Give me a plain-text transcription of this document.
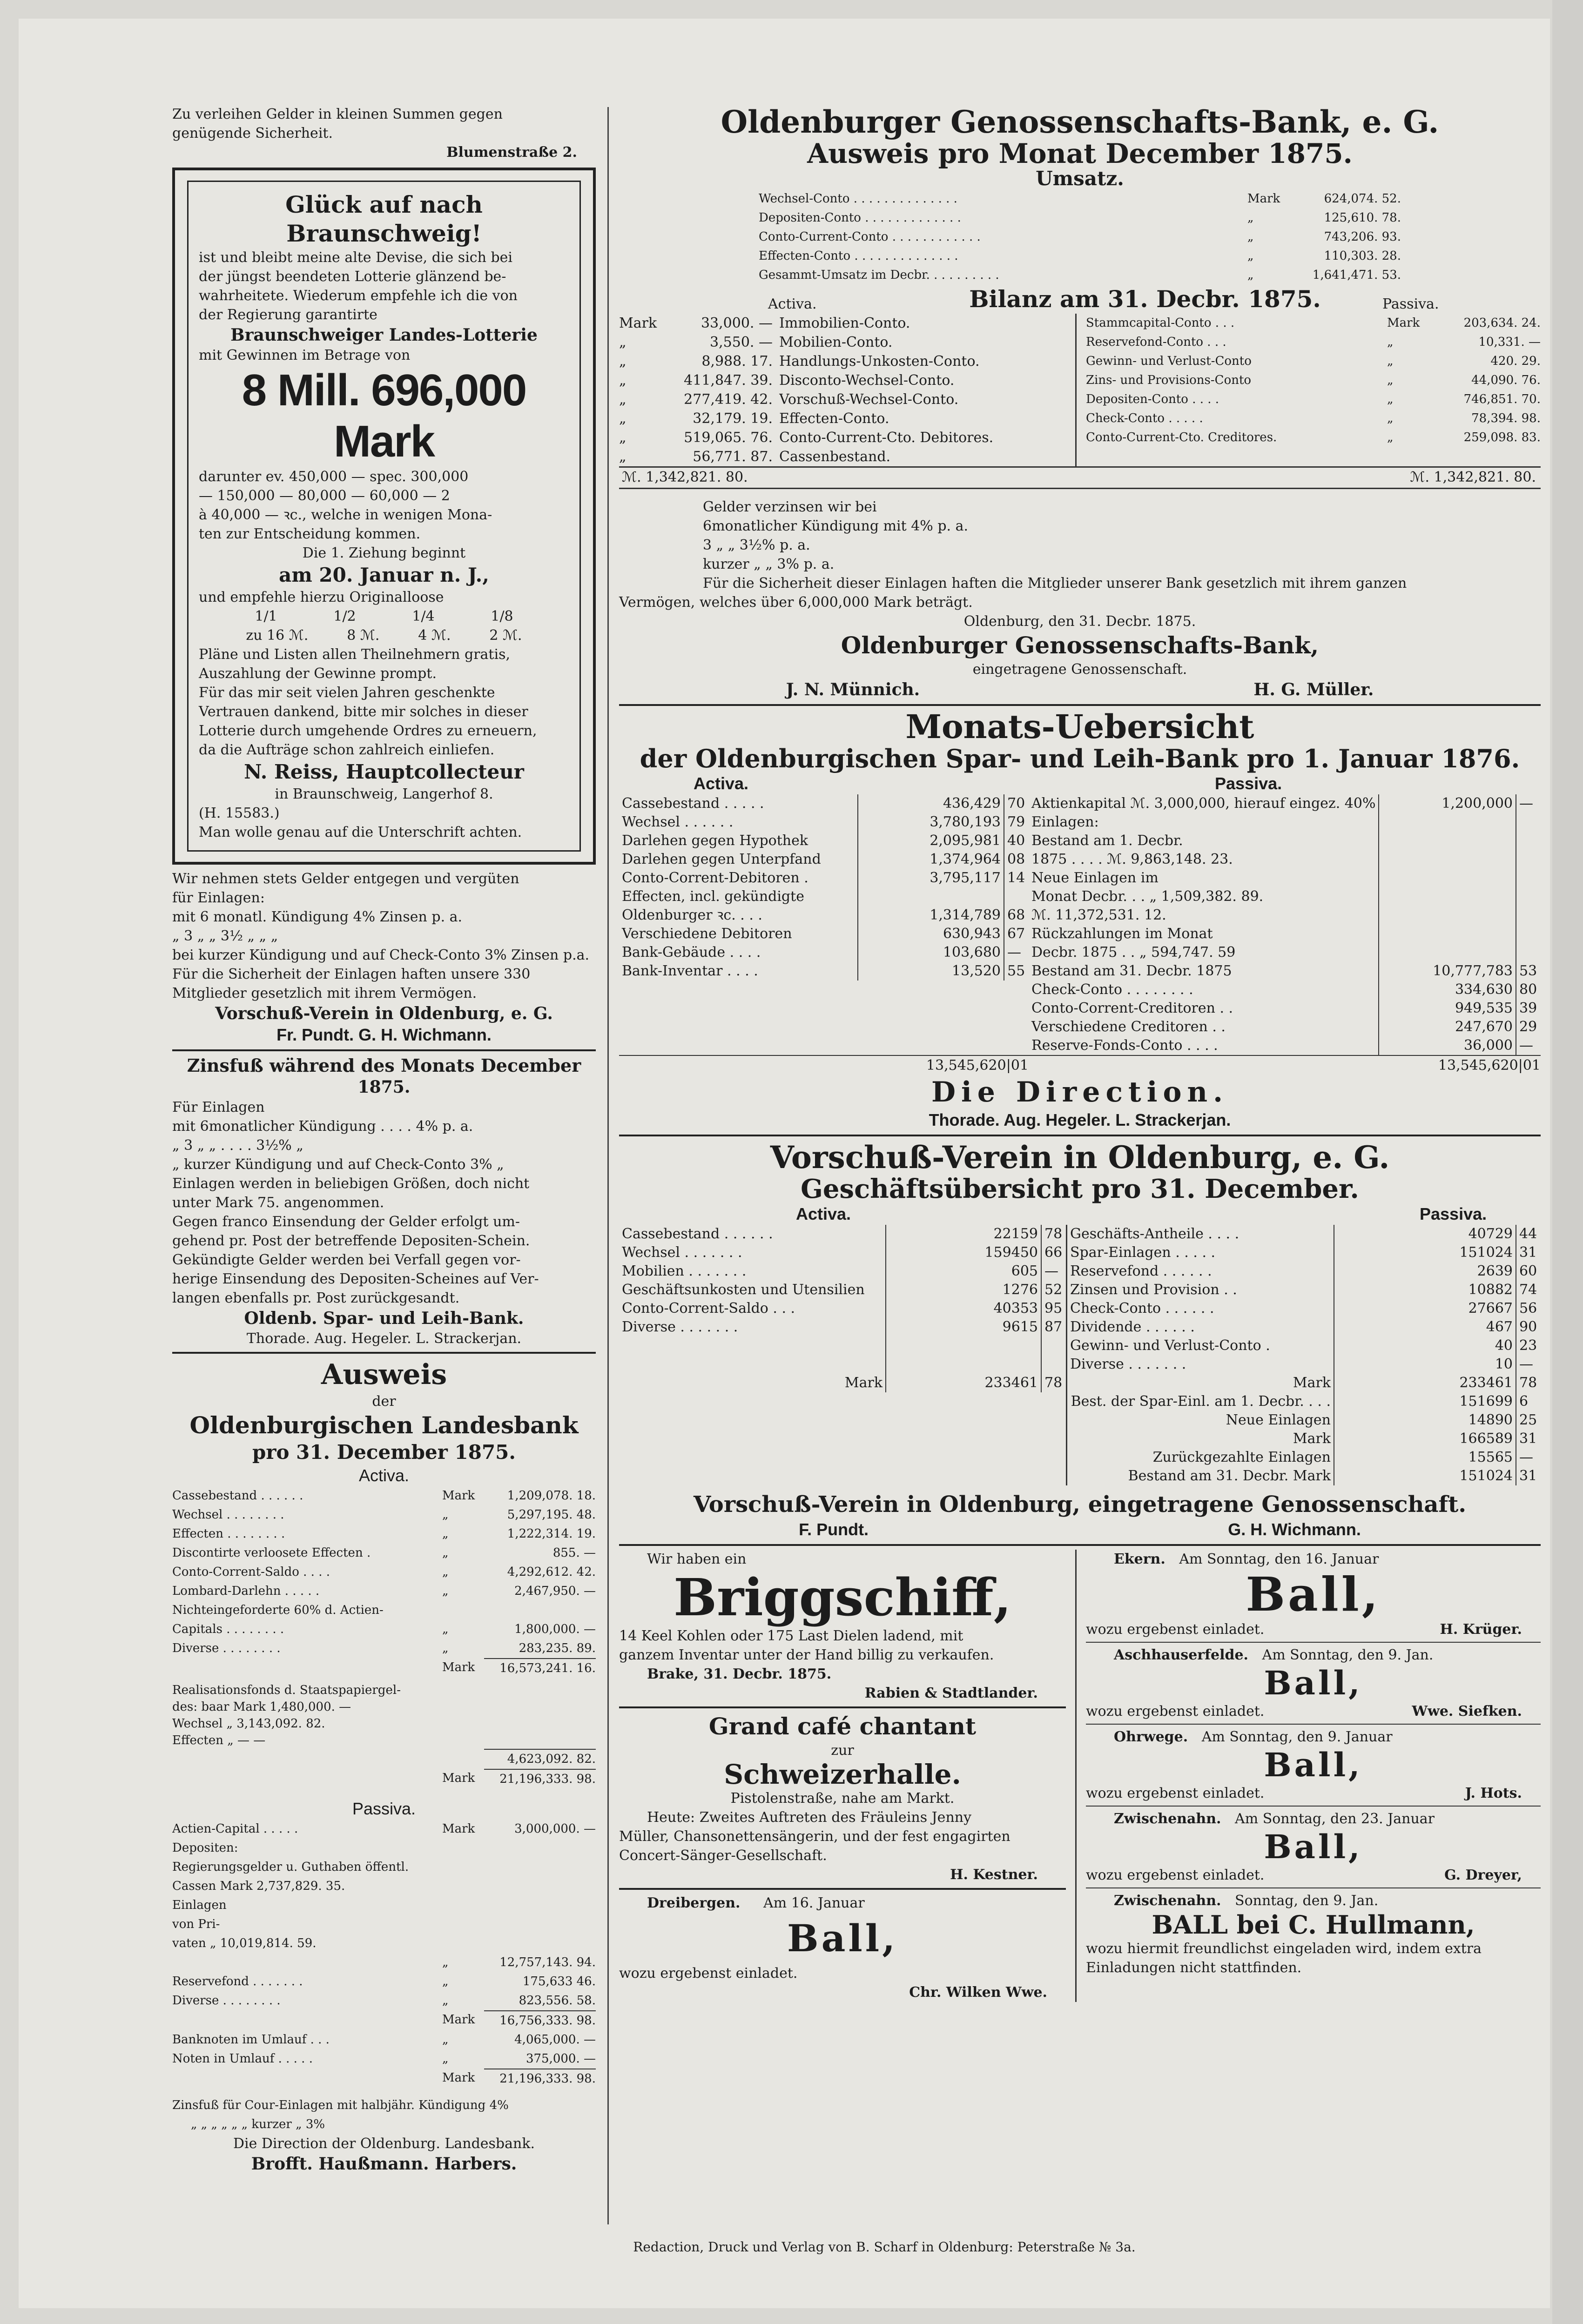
Zu verleihen Gelder in kleinen Summen gegen
genügende Sicherheit.
Blumenstraße 2.
Glück auf nach Braunschweig!
ist und bleibt meine alte Devise, die sich bei
der jüngst beendeten Lotterie glänzend be-
wahrheitete. Wiederum empfehle ich die von
der Regierung garantirte
Braunschweiger Landes-Lotterie
mit Gewinnen im Betrage von
8 Mill. 696,000 Mark
darunter ev. 450,000 — spec. 300,000
— 150,000 — 80,000 — 60,000 — 2
à 40,000 — ꝛc., welche in wenigen Mona-
ten zur Entscheidung kommen.
Die 1. Ziehung beginnt
am 20. Januar n. J.,
und empfehle hierzu Originalloose
1/1	1/2	1/4	1/8
zu 16 ℳ.	8 ℳ.	4 ℳ.	2 ℳ.
Pläne und Listen allen Theilnehmern gratis,
Auszahlung der Gewinne prompt.
Für das mir seit vielen Jahren geschenkte
Vertrauen dankend, bitte mir solches in dieser
Lotterie durch umgehende Ordres zu erneuern,
da die Aufträge schon zahlreich einliefen.
N. Reiss, Hauptcollecteur
in Braunschweig, Langerhof 8.
(H. 15583.)
Man wolle genau auf die Unterschrift achten.
Wir nehmen stets Gelder entgegen und vergüten
für Einlagen:
mit 6 monatl. Kündigung 4% Zinsen p. a.
„ 3 „ „ 3½ „ „ „
bei kurzer Kündigung und auf Check-Conto 3% Zinsen p.a.
Für die Sicherheit der Einlagen haften unsere 330
Mitglieder gesetzlich mit ihrem Vermögen.
Vorschuß-Verein in Oldenburg, e. G.
Fr. Pundt. G. H. Wichmann.
Zinsfuß während des Monats December
1875.
Für Einlagen
mit 6monatlicher Kündigung . . . . 4% p. a.
„ 3 „ „ . . . . 3½% „
„ kurzer Kündigung und auf Check-Conto 3% „
Einlagen werden in beliebigen Größen, doch nicht
unter Mark 75. angenommen.
Gegen franco Einsendung der Gelder erfolgt um-
gehend pr. Post der betreffende Depositen-Schein.
Gekündigte Gelder werden bei Verfall gegen vor-
herige Einsendung des Depositen-Scheines auf Ver-
langen ebenfalls pr. Post zurückgesandt.
Oldenb. Spar- und Leih-Bank.
Thorade. Aug. Hegeler. L. Strackerjan.
Ausweis
der
Oldenburgischen Landesbank
pro 31. December 1875.
Activa.
Cassebestand . . . . . .	Mark	1,209,078. 18.
Wechsel . . . . . . . .	„	5,297,195. 48.
Effecten . . . . . . . .	„	1,222,314. 19.
Discontirte verloosete Effecten .	„	855. —
Conto-Corrent-Saldo . . . .	„	4,292,612. 42.
Lombard-Darlehn . . . . .	„	2,467,950. —
Nichteingeforderte 60% d. Actien-
Capitals . . . . . . . .	„	1,800,000. —
Diverse . . . . . . . .	„	283,235. 89.
Mark	16,573,241. 16.
Realisationsfonds d. Staatspapiergel-
des: baar Mark 1,480,000. —
Wechsel „ 3,143,092. 82.
Effecten „ — —
4,623,092. 82.
Mark	21,196,333. 98.
Passiva.
Actien-Capital . . . . .	Mark	3,000,000. —
Depositen:
Regierungsgelder u. Guthaben öffentl.
Cassen Mark 2,737,829. 35.
Einlagen
von Pri-
vaten „ 10,019,814. 59.
„	12,757,143. 94.
Reservefond . . . . . . .	„	175,633 46.
Diverse . . . . . . . .	„	823,556. 58.
Mark	16,756,333. 98.
Banknoten im Umlauf . . .	„	4,065,000. —
Noten in Umlauf . . . . .	„	375,000. —
Mark	21,196,333. 98.
Zinsfuß für Cour-Einlagen mit halbjähr. Kündigung 4%
„ „ „ „ „ „ kurzer „ 3%
Die Direction der Oldenburg. Landesbank.
Brofft. Haußmann. Harbers.
Oldenburger Genossenschafts-Bank, e. G.
Ausweis pro Monat December 1875.
Umsatz.
Wechsel-Conto . . . . . . . . . . . . . .	Mark	624,074. 52.
Depositen-Conto . . . . . . . . . . . . .	„	125,610. 78.
Conto-Current-Conto . . . . . . . . . . . .	„	743,206. 93.
Effecten-Conto . . . . . . . . . . . . . .	„	110,303. 28.
Gesammt-Umsatz im Decbr. . . . . . . . . .	„	1,641,471. 53.
Activa.	Bilanz am 31. Decbr. 1875.	Passiva.
Mark	33,000. — Immobilien-Conto.
„	3,550. — Mobilien-Conto.
„	8,988. 17. Handlungs-Unkosten-Conto.
„	411,847. 39. Disconto-Wechsel-Conto.
„	277,419. 42. Vorschuß-Wechsel-Conto.
„	32,179. 19. Effecten-Conto.
„	519,065. 76. Conto-Current-Cto. Debitores.
„	56,771. 87. Cassenbestand.
Stammcapital-Conto . . .	Mark	203,634. 24.
Reservefond-Conto . . .	„	10,331. —
Gewinn- und Verlust-Conto	„	420. 29.
Zins- und Provisions-Conto	„	44,090. 76.
Depositen-Conto . . . .	„	746,851. 70.
Check-Conto . . . . .	„	78,394. 98.
Conto-Current-Cto. Creditores.	„	259,098. 83.
ℳ. 1,342,821. 80.	ℳ. 1,342,821. 80.
Gelder verzinsen wir bei
6monatlicher Kündigung mit 4% p. a.
3 „ „ 3½% p. a.
kurzer „ „ 3% p. a.
Für die Sicherheit dieser Einlagen haften die Mitglieder unserer Bank gesetzlich mit ihrem ganzen
Vermögen, welches über 6,000,000 Mark beträgt.
Oldenburg, den 31. Decbr. 1875.
Oldenburger Genossenschafts-Bank,
eingetragene Genossenschaft.
J. N. Münnich.	H. G. Müller.
Monats-Uebersicht
der Oldenburgischen Spar- und Leih-Bank pro 1. Januar 1876.
Activa.	Passiva.
Cassebestand . . . . .	436,429	70
Wechsel . . . . . .	3,780,193	79
Darlehen gegen Hypothek	2,095,981	40
Darlehen gegen Unterpfand	1,374,964	08
Conto-Corrent-Debitoren .	3,795,117	14
Effecten, incl. gekündigte		
Oldenburger ꝛc. . . .	1,314,789	68
Verschiedene Debitoren	630,943	67
Bank-Gebäude . . . .	103,680	—
Bank-Inventar . . . .	13,520	55
Aktienkapital ℳ. 3,000,000, hierauf eingez. 40%	1,200,000	—
Einlagen:		
Bestand am 1. Decbr.		
1875 . . . . ℳ. 9,863,148. 23.		
Neue Einlagen im		
Monat Decbr. . . „ 1,509,382. 89.		
ℳ. 11,372,531. 12.		
Rückzahlungen im Monat		
Decbr. 1875 . . „ 594,747. 59		
Bestand am 31. Decbr. 1875	10,777,783	53
Check-Conto . . . . . . . .	334,630	80
Conto-Corrent-Creditoren . .	949,535	39
Verschiedene Creditoren . .	247,670	29
Reserve-Fonds-Conto . . . .	36,000	—
13,545,620|01	13,545,620|01
Die Direction.
Thorade. Aug. Hegeler. L. Strackerjan.
Vorschuß-Verein in Oldenburg, e. G.
Geschäftsübersicht pro 31. December.
Activa.	Passiva.
Cassebestand . . . . . .	22159	78
Wechsel . . . . . . .	159450	66
Mobilien . . . . . . .	605	—
Geschäftsunkosten und Utensilien	1276	52
Conto-Corrent-Saldo . . .	40353	95
Diverse . . . . . . .	9615	87
Mark	233461	78
Geschäfts-Antheile . . . .	40729	44
Spar-Einlagen . . . . .	151024	31
Reservefond . . . . . .	2639	60
Zinsen und Provision . .	10882	74
Check-Conto . . . . . .	27667	56
Dividende . . . . . .	467	90
Gewinn- und Verlust-Conto .	40	23
Diverse . . . . . . .	10	—
Mark	233461	78
Best. der Spar-Einl. am 1. Decbr. . . .	151699	6
Neue Einlagen	14890	25
Mark	166589	31
Zurückgezahlte Einlagen	15565	—
Bestand am 31. Decbr. Mark	151024	31
Vorschuß-Verein in Oldenburg, eingetragene Genossenschaft.
F. Pundt.	G. H. Wichmann.
Wir haben ein
Briggschiff,
14 Keel Kohlen oder 175 Last Dielen ladend, mit
ganzem Inventar unter der Hand billig zu verkaufen.
Brake, 31. Decbr. 1875.
Rabien & Stadtlander.
Grand café chantant
zur
Schweizerhalle.
Pistolenstraße, nahe am Markt.
Heute: Zweites Auftreten des Fräuleins Jenny
Müller, Chansonettensängerin, und der fest engagirten
Concert-Sänger-Gesellschaft.
H. Kestner.
Dreibergen. Am 16. Januar
Ball,
wozu ergebenst einladet.
Chr. Wilken Wwe.
Ekern. Am Sonntag, den 16. Januar
Ball,
wozu ergebenst einladet.	H. Krüger.
Aschhauserfelde. Am Sonntag, den 9. Jan.
Ball,
wozu ergebenst einladet.	Wwe. Siefken.
Ohrwege. Am Sonntag, den 9. Januar
Ball,
wozu ergebenst einladet.	J. Hots.
Zwischenahn. Am Sonntag, den 23. Januar
Ball,
wozu ergebenst einladet.	G. Dreyer,
Zwischenahn. Sonntag, den 9. Jan.
BALL bei C. Hullmann,
wozu hiermit freundlichst eingeladen wird, indem extra
Einladungen nicht stattfinden.
Redaction, Druck und Verlag von B. Scharf in Oldenburg: Peterstraße № 3a.
